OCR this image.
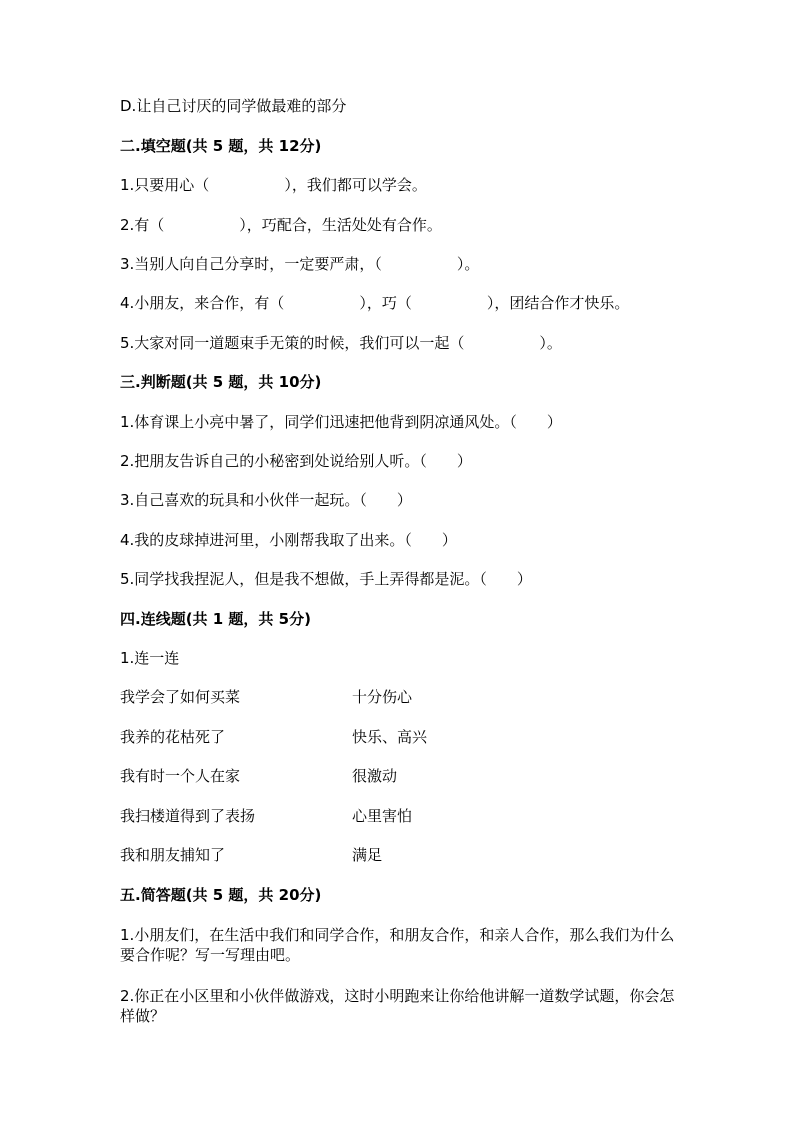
D.让自己讨厌的同学做最难的部分
二.填空题(共 5 题，共 12分)
1.只要用心（　　　　　），我们都可以学会。
2.有（　　　　　），巧配合，生活处处有合作。
3.当别人向自己分享时，一定要严肃，（　　　　　）。
4.小朋友，来合作，有（　　　　　），巧（　　　　　），团结合作才快乐。
5.大家对同一道题束手无策的时候，我们可以一起（　　　　　）。
三.判断题(共 5 题，共 10分)
1.体育课上小亮中暑了，同学们迅速把他背到阴凉通风处。（　　）
2.把朋友告诉自己的小秘密到处说给别人听。（　　）
3.自己喜欢的玩具和小伙伴一起玩。（　　）
4.我的皮球掉进河里，小刚帮我取了出来。（　　）
5.同学找我捏泥人，但是我不想做，手上弄得都是泥。（　　）
四.连线题(共 1 题，共 5分)
1.连一连
我学会了如何买菜	十分伤心
我养的花枯死了	快乐、高兴
我有时一个人在家	很激动
我扫楼道得到了表扬	心里害怕
我和朋友捕知了	满足
五.简答题(共 5 题，共 20分)
1.小朋友们，在生活中我们和同学合作，和朋友合作，和亲人合作，那么我们为什么要合作呢？写一写理由吧。
2.你正在小区里和小伙伴做游戏，这时小明跑来让你给他讲解一道数学试题，你会怎样做？
